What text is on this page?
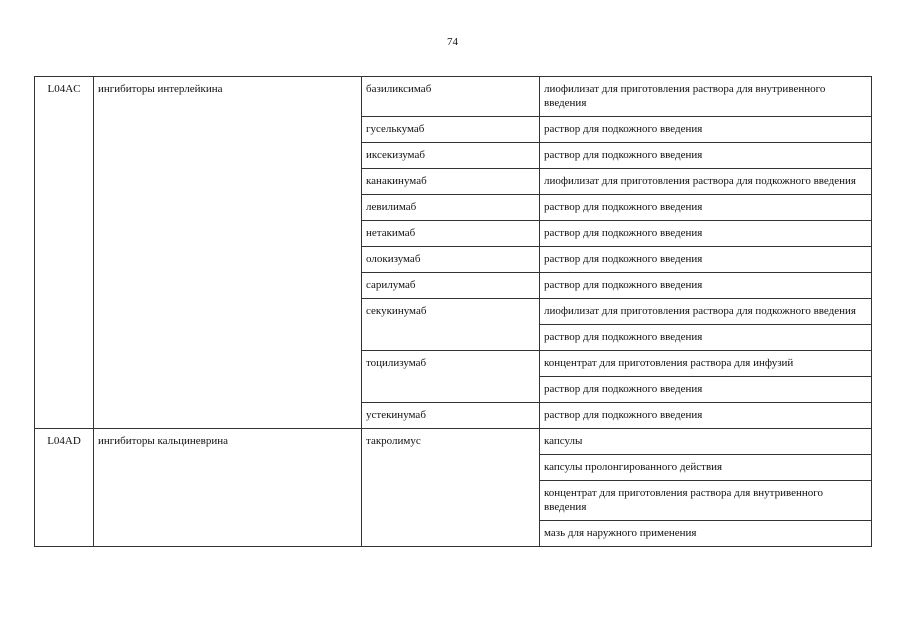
74
L04AC	ингибиторы интерлейкина	базиликсимаб	лиофилизат для приготовления раствора для внутривенного введения
		гуселькумаб	раствор для подкожного введения
		иксекизумаб	раствор для подкожного введения
		канакинумаб	лиофилизат для приготовления раствора для подкожного введения
		левилимаб	раствор для подкожного введения
		нетакимаб	раствор для подкожного введения
		олокизумаб	раствор для подкожного введения
		сарилумаб	раствор для подкожного введения
		секукинумаб	лиофилизат для приготовления раствора для подкожного введения
			раствор для подкожного введения
		тоцилизумаб	концентрат для приготовления раствора для инфузий
			раствор для подкожного введения
		устекинумаб	раствор для подкожного введения
L04AD	ингибиторы кальциневрина	такролимус	капсулы
			капсулы пролонгированного действия
			концентрат для приготовления раствора для внутривенного введения
			мазь для наружного применения
